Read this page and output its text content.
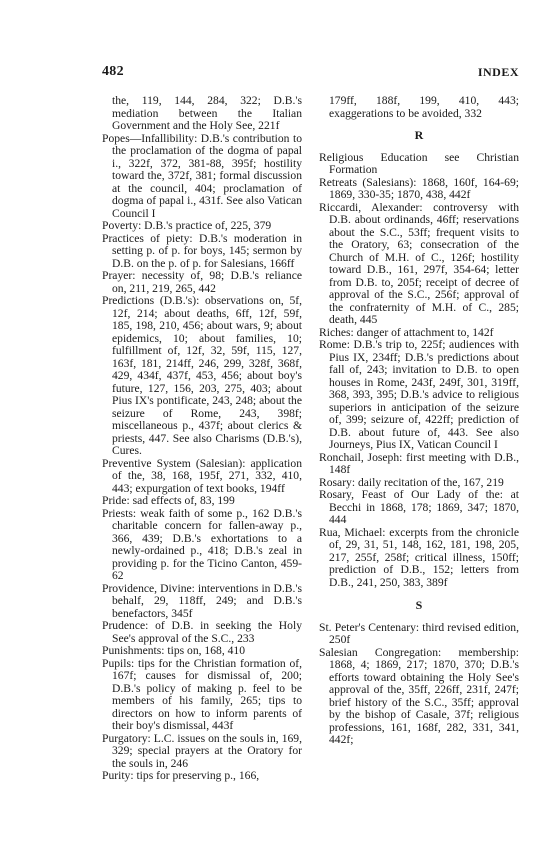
482	INDEX

the, 119, 144, 284, 322; D.B.'s mediation between the Italian Government and the Holy See, 221f

Popes—Infallibility: D.B.'s contribution to the proclamation of the dogma of papal i., 322f, 372, 381-88, 395f; hostility toward the, 372f, 381; formal discussion at the council, 404; proclamation of dogma of papal i., 431f. See also Vatican Council I

Poverty: D.B.'s practice of, 225, 379

Practices of piety: D.B.'s moderation in setting p. of p. for boys, 145; sermon by D.B. on the p. of p. for Salesians, 166ff

Prayer: necessity of, 98; D.B.'s reliance on, 211, 219, 265, 442

Predictions (D.B.'s): observations on, 5f, 12f, 214; about deaths, 6ff, 12f, 59f, 185, 198, 210, 456; about wars, 9; about epidemics, 10; about families, 10; fulfillment of, 12f, 32, 59f, 115, 127, 163f, 181, 214ff, 246, 299, 328f, 368f, 429, 434f, 437f, 453, 456; about boy's future, 127, 156, 203, 275, 403; about Pius IX's pontificate, 243, 248; about the seizure of Rome, 243, 398f; miscellaneous p., 437f; about clerics & priests, 447. See also Charisms (D.B.'s), Cures.

Preventive System (Salesian): application of the, 38, 168, 195f, 271, 332, 410, 443; expurgation of text books, 194ff

Pride: sad effects of, 83, 199

Priests: weak faith of some p., 162 D.B.'s charitable concern for fallen-away p., 366, 439; D.B.'s exhortations to a newly-ordained p., 418; D.B.'s zeal in providing p. for the Ticino Canton, 459-62

Providence, Divine: interventions in D.B.'s behalf, 29, 118ff, 249; and D.B.'s benefactors, 345f

Prudence: of D.B. in seeking the Holy See's approval of the S.C., 233

Punishments: tips on, 168, 410

Pupils: tips for the Christian formation of, 167f; causes for dismissal of, 200; D.B.'s policy of making p. feel to be members of his family, 265; tips to directors on how to inform parents of their boy's dismissal, 443f

Purgatory: L.C. issues on the souls in, 169, 329; special prayers at the Oratory for the souls in, 246

Purity: tips for preserving p., 166,

179ff, 188f, 199, 410, 443; exaggerations to be avoided, 332

R

Religious Education see Christian Formation

Retreats (Salesians): 1868, 160f, 164-69; 1869, 330-35; 1870, 438, 442f

Riccardi, Alexander: controversy with D.B. about ordinands, 46ff; reservations about the S.C., 53ff; frequent visits to the Oratory, 63; consecration of the Church of M.H. of C., 126f; hostility toward D.B., 161, 297f, 354-64; letter from D.B. to, 205f; receipt of decree of approval of the S.C., 256f; approval of the confraternity of M.H. of C., 285; death, 445

Riches: danger of attachment to, 142f

Rome: D.B.'s trip to, 225f; audiences with Pius IX, 234ff; D.B.'s predictions about fall of, 243; invitation to D.B. to open houses in Rome, 243f, 249f, 301, 319ff, 368, 393, 395; D.B.'s advice to religious superiors in anticipation of the seizure of, 399; seizure of, 422ff; prediction of D.B. about future of, 443. See also Journeys, Pius IX, Vatican Council I

Ronchail, Joseph: first meeting with D.B., 148f

Rosary: daily recitation of the, 167, 219

Rosary, Feast of Our Lady of the: at Becchi in 1868, 178; 1869, 347; 1870, 444

Rua, Michael: excerpts from the chronicle of, 29, 31, 51, 148, 162, 181, 198, 205, 217, 255f, 258f; critical illness, 150ff; prediction of D.B., 152; letters from D.B., 241, 250, 383, 389f

S

St. Peter's Centenary: third revised edition, 250f

Salesian Congregation: membership: 1868, 4; 1869, 217; 1870, 370; D.B.'s efforts toward obtaining the Holy See's approval of the, 35ff, 226ff, 231f, 247f; brief history of the S.C., 35ff; approval by the bishop of Casale, 37f; religious professions, 161, 168f, 282, 331, 341, 442f;
